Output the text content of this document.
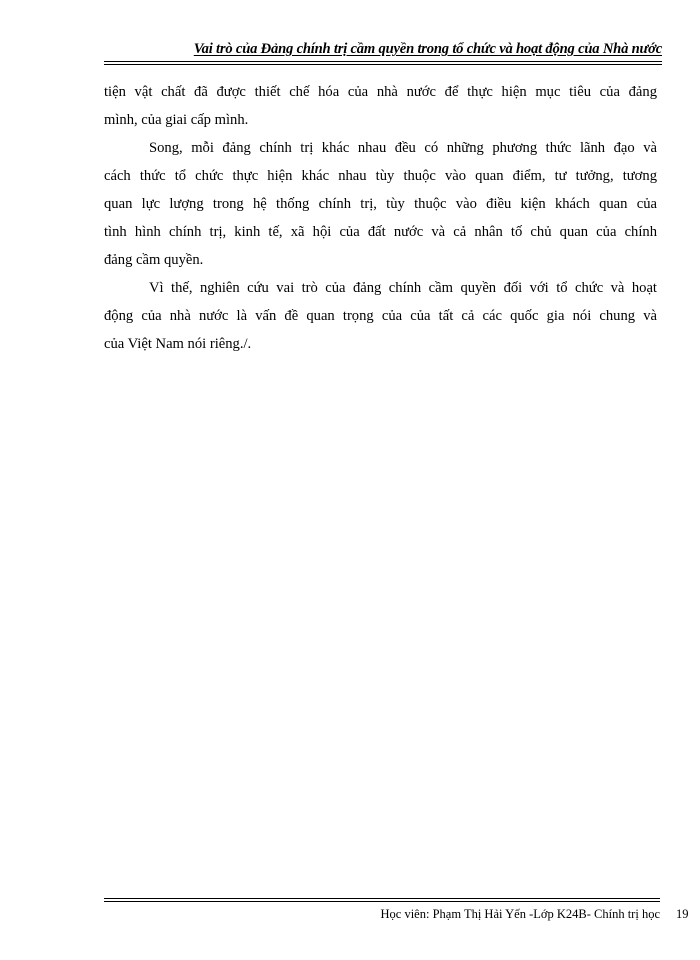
Vai trò của Đảng chính trị cầm quyền trong tổ chức và hoạt động của Nhà nước
tiện vật chất đã được thiết chế hóa của nhà nước để thực hiện mục tiêu của đảng
mình, của giai cấp mình.
Song, mỗi đảng chính trị khác nhau đều có những phương thức lãnh đạo và
cách thức tổ chức thực hiện khác nhau tùy thuộc vào quan điểm, tư tưởng, tương
quan lực lượng trong hệ thống chính trị, tùy thuộc vào điều kiện khách quan của
tình hình chính trị, kinh tế, xã hội của đất nước và cả nhân tố chủ quan của chính
đảng cầm quyền.
Vì thế, nghiên cứu vai trò của đảng chính cầm quyền đối với tổ chức và hoạt
động của nhà nước là vấn đề quan trọng của của tất cả các quốc gia nói chung và
của Việt Nam nói riêng./.
Học viên: Phạm Thị Hải Yến -Lớp K24B- Chính trị học 19
